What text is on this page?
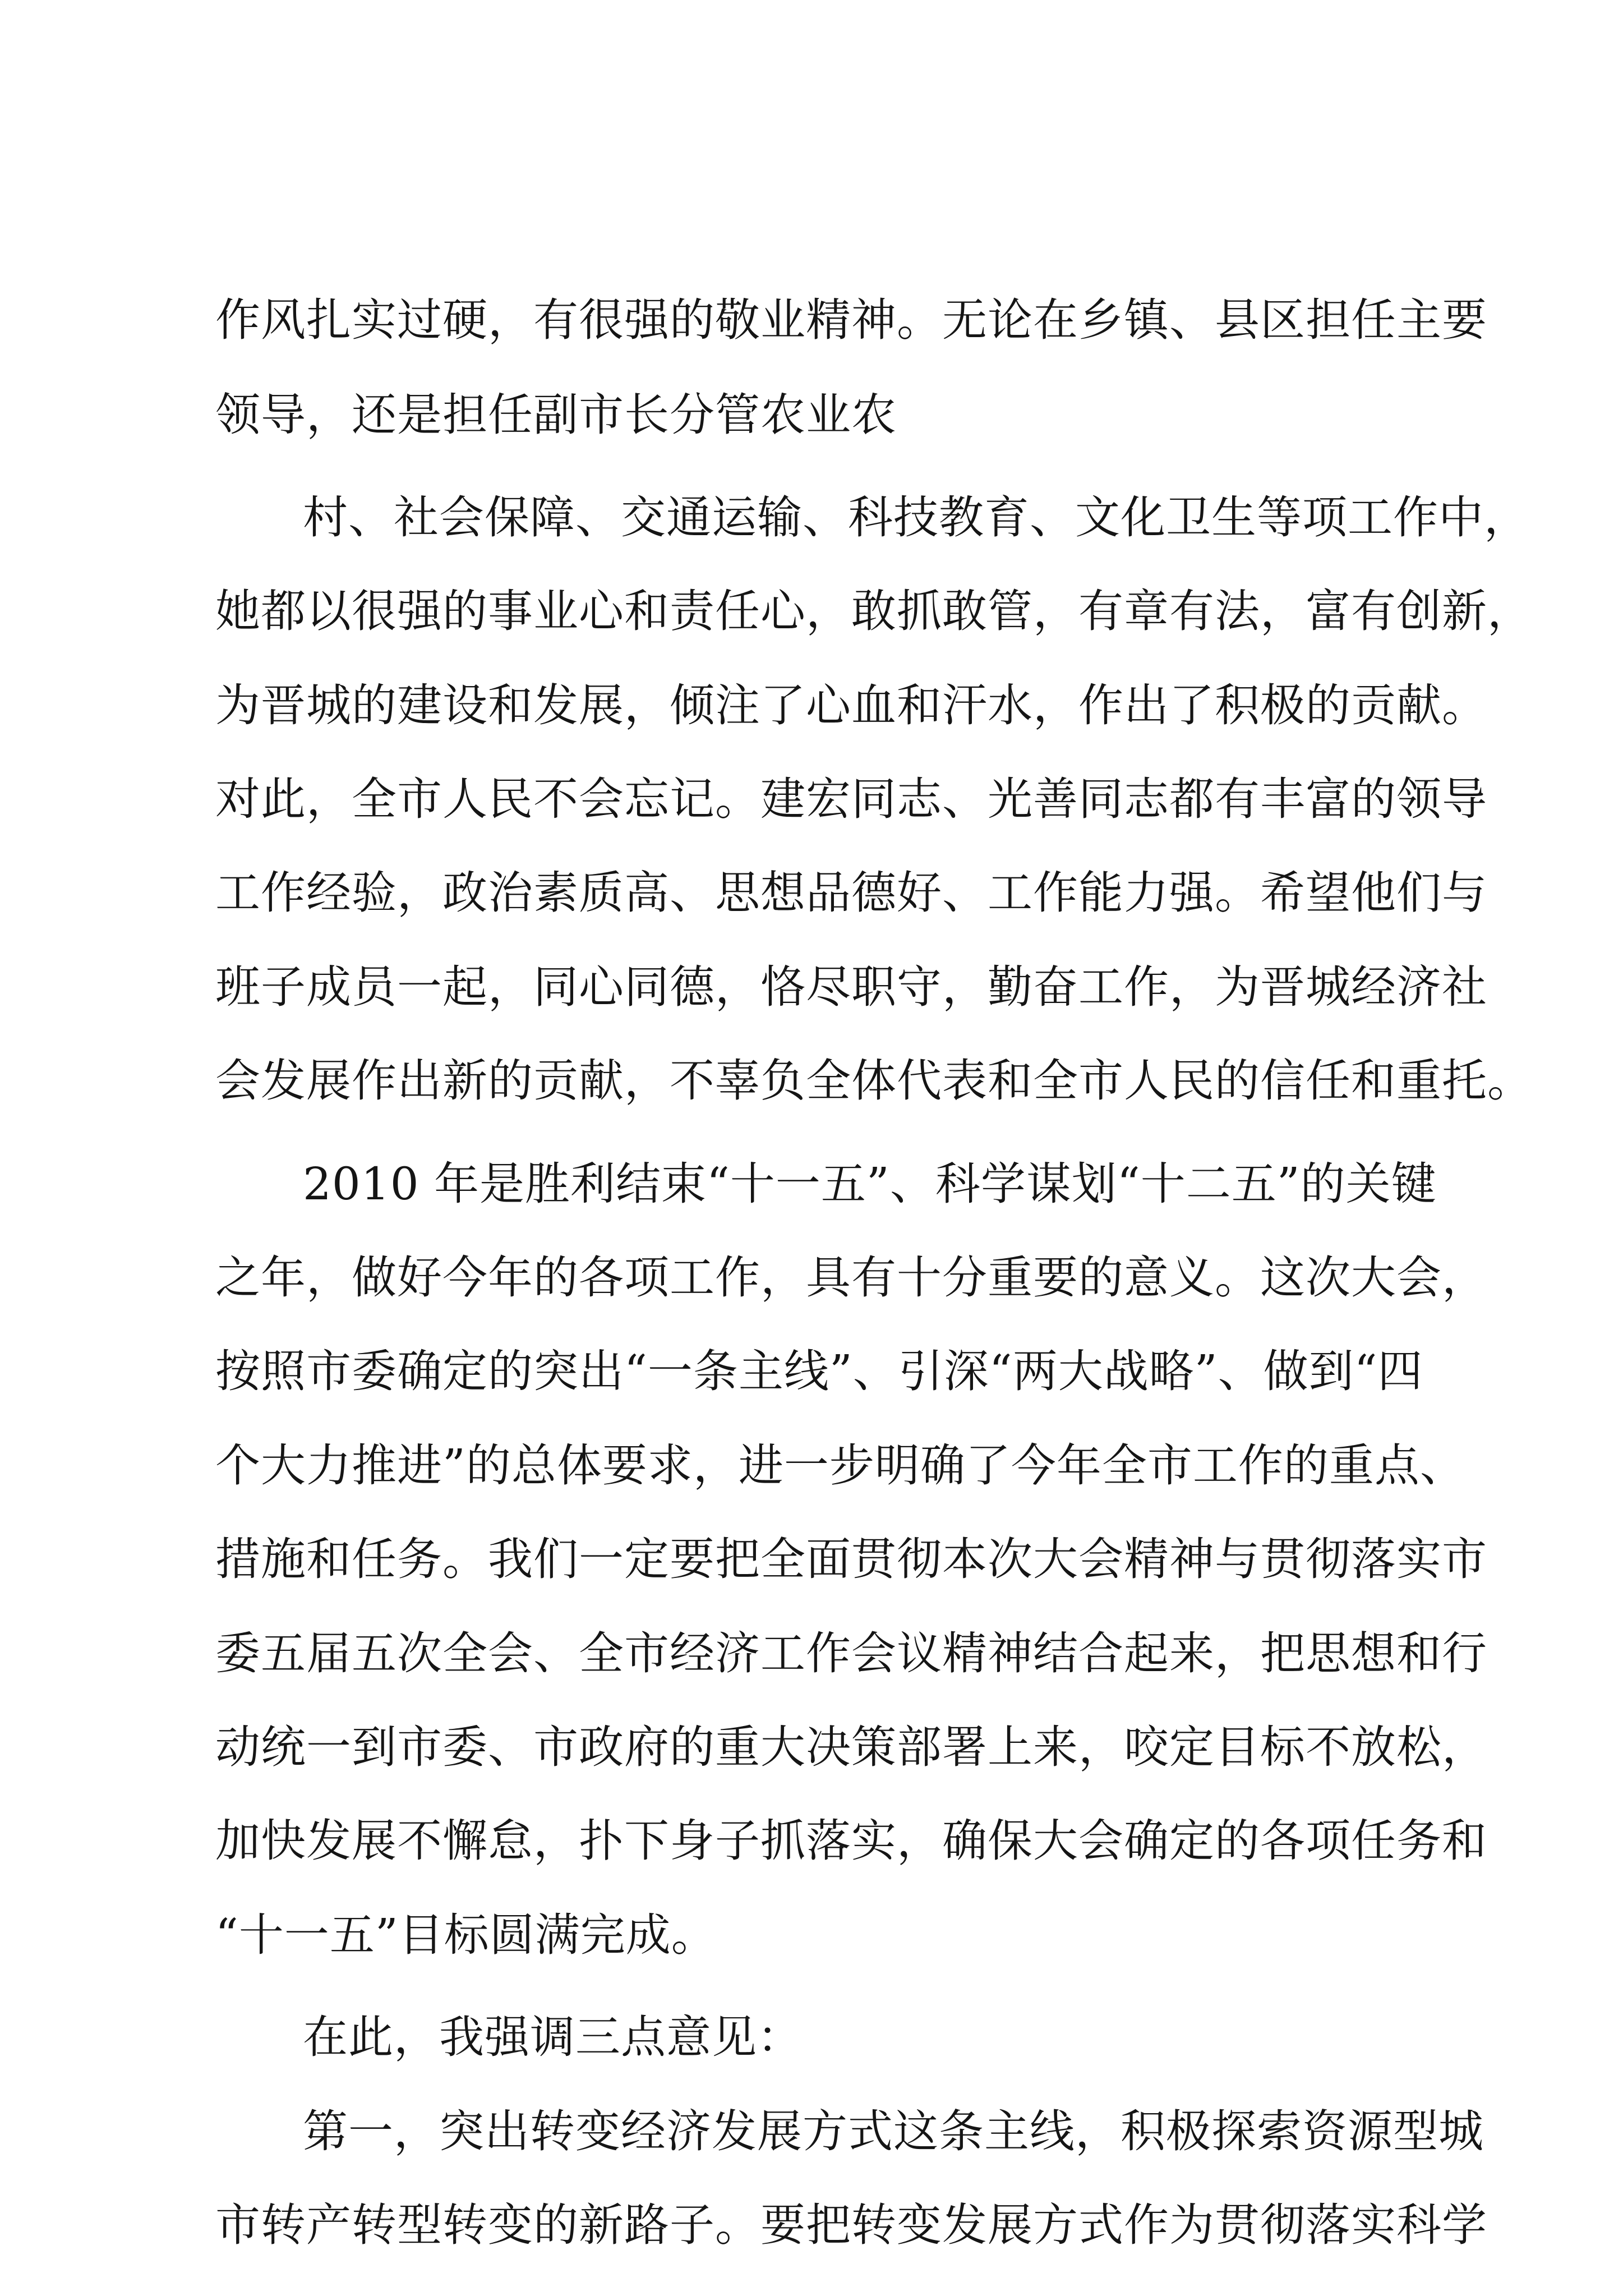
作风扎实过硬，有很强的敬业精神。无论在乡镇、县区担任主要
领导，还是担任副市长分管农业农
村、社会保障、交通运输、科技教育、文化卫生等项工作中，
她都以很强的事业心和责任心，敢抓敢管，有章有法，富有创新，
为晋城的建设和发展，倾注了心血和汗水，作出了积极的贡献。
对此，全市人民不会忘记。建宏同志、光善同志都有丰富的领导
工作经验，政治素质高、思想品德好、工作能力强。希望他们与
班子成员一起，同心同德，恪尽职守，勤奋工作，为晋城经济社
会发展作出新的贡献，不辜负全体代表和全市人民的信任和重托。
2010 年是胜利结束“十一五”、科学谋划“十二五”的关键
之年，做好今年的各项工作，具有十分重要的意义。这次大会，
按照市委确定的突出“一条主线”、引深“两大战略”、做到“四
个大力推进”的总体要求，进一步明确了今年全市工作的重点、
措施和任务。我们一定要把全面贯彻本次大会精神与贯彻落实市
委五届五次全会、全市经济工作会议精神结合起来，把思想和行
动统一到市委、市政府的重大决策部署上来，咬定目标不放松，
加快发展不懈怠，扑下身子抓落实，确保大会确定的各项任务和
“十一五”目标圆满完成。
在此，我强调三点意见：
第一，突出转变经济发展方式这条主线，积极探索资源型城
市转产转型转变的新路子。要把转变发展方式作为贯彻落实科学
